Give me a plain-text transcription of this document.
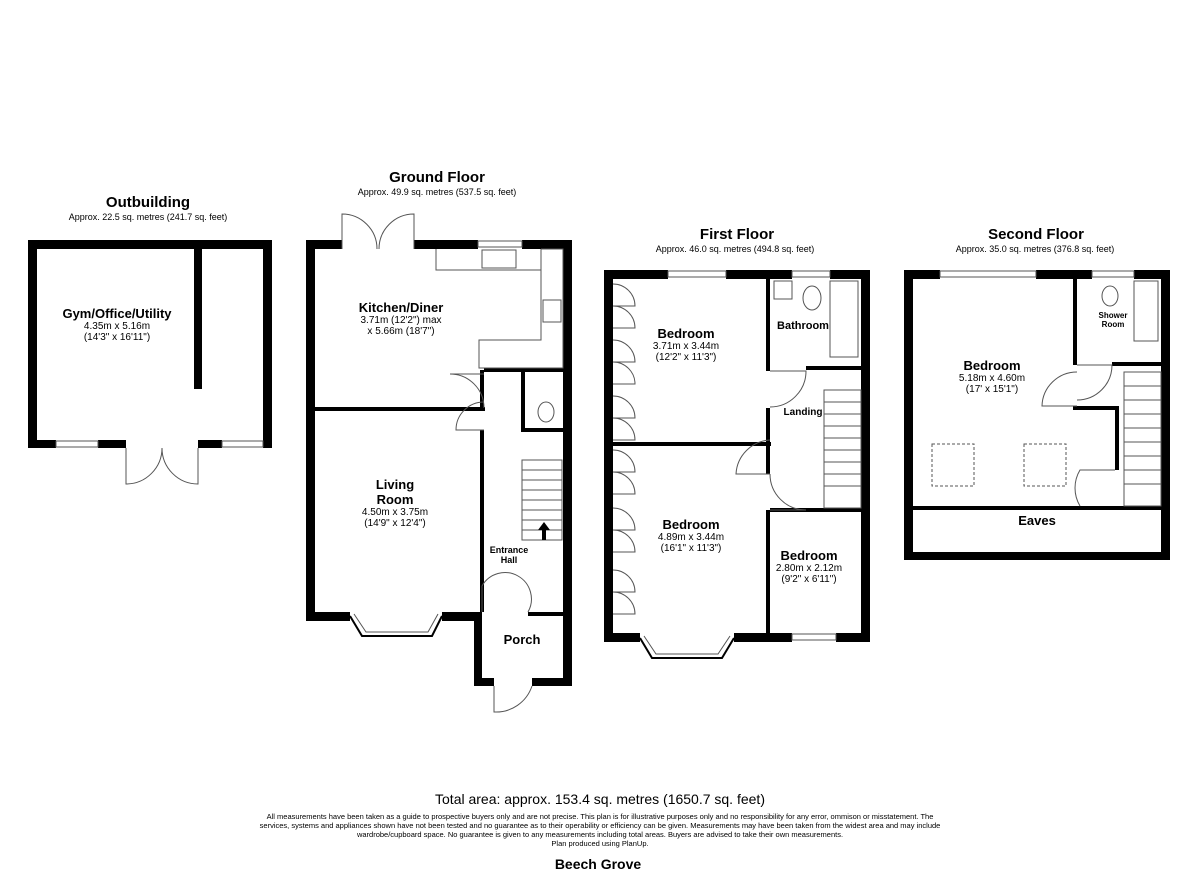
Outbuilding
Approx. 22.5 sq. metres (241.7 sq. feet)
Gym/Office/Utility
4.35m x 5.16m
(14'3" x 16'11")
Ground Floor
Approx. 49.9 sq. metres (537.5 sq. feet)
Kitchen/Diner
3.71m (12'2") max
x 5.66m (18'7")
Living
Room
4.50m x 3.75m
(14'9" x 12'4")
Entrance
Hall
Porch
First Floor
Approx. 46.0 sq. metres (494.8 sq. feet)
Bedroom
3.71m x 3.44m
(12'2" x 11'3")
Bathroom
Landing
Bedroom
4.89m x 3.44m
(16'1" x 11'3")	Bedroom
2.80m x 2.12m
(9'2" x 6'11")
Second Floor
Approx. 35.0 sq. metres (376.8 sq. feet)
Bedroom
5.18m x 4.60m
(17' x 15'1")
Shower
Room
Eaves
Total area: approx. 153.4 sq. metres (1650.7 sq. feet)
All measurements have been taken as a guide to prospective buyers only and are not precise. This plan is for illustrative purposes only and no responsibility for any error, ommison or misstatement. The
services, systems and appliances shown have not been tested and no guarantee as to their operability or efficiency can be given. Measurements may have been taken from the widest area and may include
wardrobe/cupboard space. No guarantee is given to any measurements including total areas. Buyers are advised to take their own measurements.
Plan produced using PlanUp.
Beech Grove
